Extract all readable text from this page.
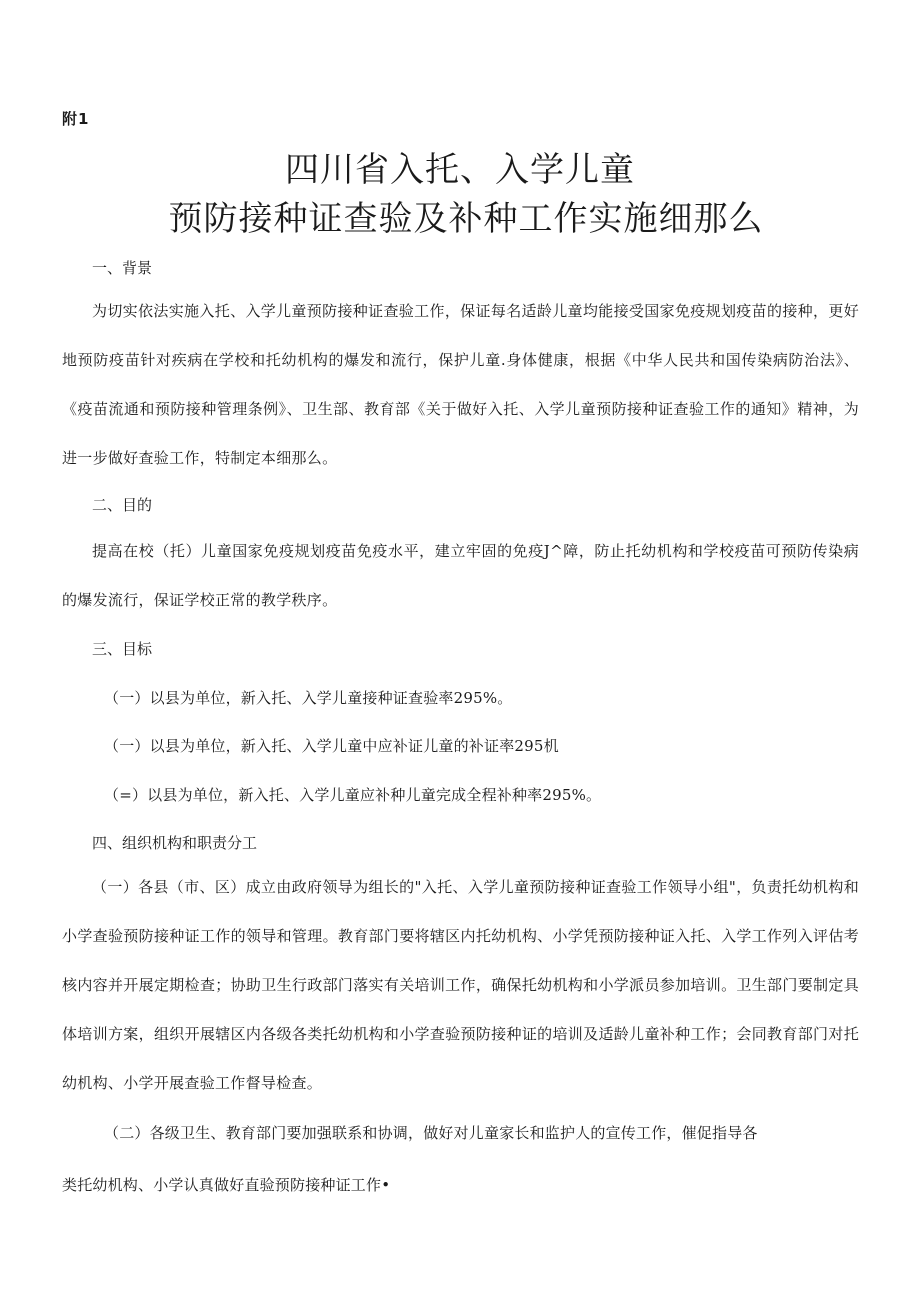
附1
四川省入托、入学儿童
预防接种证查验及补种工作实施细那么
一、背景
为切实依法实施入托、入学儿童预防接种证查验工作，保证每名适龄儿童均能接受国家免疫规划疫苗的接种，更好地预防疫苗针对疾病在学校和托幼机构的爆发和流行，保护儿童.身体健康，根据《中华人民共和国传染病防治法》、《疫苗流通和预防接种管理条例》、卫生部、教育部《关于做好入托、入学儿童预防接种证查验工作的通知》精神，为进一步做好查验工作，特制定本细那么。
二、目的
提高在校（托）儿童国家免疫规划疫苗免疫水平，建立牢固的免疫J^障，防止托幼机构和学校疫苗可预防传染病的爆发流行，保证学校正常的教学秩序。
三、目标
（一）以县为单位，新入托、入学儿童接种证查验率295%。
（一）以县为单位，新入托、入学儿童中应补证儿童的补证率295机
（=）以县为单位，新入托、入学儿童应补种儿童完成全程补种率295%。
四、组织机构和职责分工
（一）各县（市、区）成立由政府领导为组长的"入托、入学儿童预防接种证查验工作领导小组"，负责托幼机构和小学查验预防接种证工作的领导和管理。教育部门要将辖区内托幼机构、小学凭预防接种证入托、入学工作列入评估考核内容并开展定期检查；协助卫生行政部门落实有关培训工作，确保托幼机构和小学派员参加培训。卫生部门要制定具体培训方案，组织开展辖区内各级各类托幼机构和小学查验预防接种证的培训及适龄儿童补种工作；会同教育部门对托幼机构、小学开展查验工作督导检查。
（二）各级卫生、教育部门要加强联系和协调，做好对儿童家长和监护人的宣传工作，催促指导各
类托幼机构、小学认真做好直验预防接种证工作•
